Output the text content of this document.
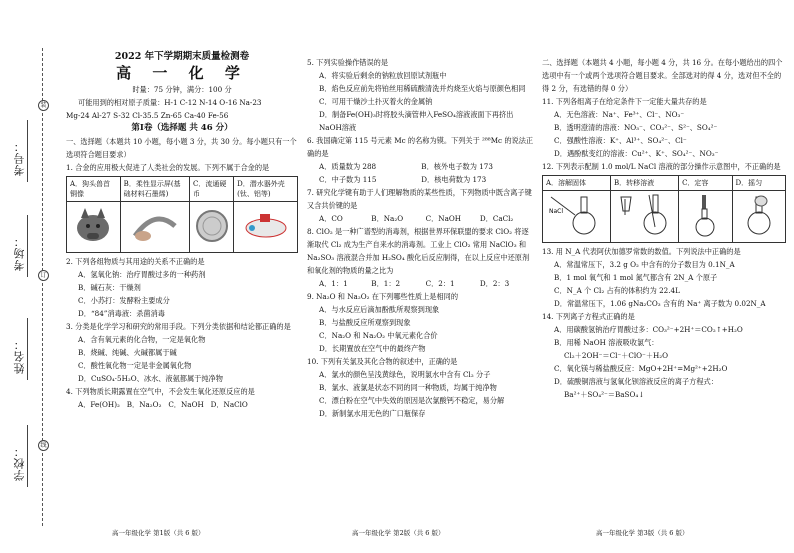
考号：
考场：
姓名：
学校：
装
订
线

2022 年下学期期末质量检测卷

高 一 化 学

时量：75 分钟，满分：100 分

可能用到的相对原子质量：H-1 C-12 N-14 O-16 Na-23

Mg-24 Al-27 S-32 Cl-35.5 Zn-65 Ca-40 Fe-56

第Ⅰ卷（选择题 共 46 分）

一、选择题（本题共 10 小题，每小题 3 分，共 30 分。每小题只有一个选项符合题目要求）

1. 合金的应用极大促进了人类社会的发展。下列不属于合金的是

A．狗头兽首铜像	B．柔性显示屏(基础材料石墨烯)	C．流通硬币	D．潜水器外壳(钛、铝等)

2. 下列各组物质与其用途的关系不正确的是

A．氢氧化钠：治疗胃酸过多的一种药剂

B．碱石灰：干燥剂

C．小苏打：发酵粉主要成分

D．“84”消毒液：杀菌消毒

3. 分类是化学学习和研究的常用手段。下列分类依据和结论都正确的是

A．含有氧元素的化合物，一定是氧化物

B．烧碱、纯碱、火碱都属于碱

C．酸性氧化物一定是非金属氧化物

D．CuSO₄·5H₂O、冰水、液氨都属于纯净物

4. 下列物质长期露置在空气中，不会发生氧化还原反应的是

A．Fe(OH)₂ B．Na₂O₂ C．NaOH D．NaClO

5. 下列实验操作错误的是

A．将实验后剩余的钠粒放回原试剂瓶中

B．焰色反应前先将铂丝用稀硫酸清洗并灼烧至火焰与原颜色相同

C．可用干燥沙土扑灭着火的金属钠

D．制备Fe(OH)₃时将胶头滴管伸入FeSO₄溶液液面下再挤出NaOH溶液

6. 我国确定第 115 号元素 Mc 的名称为镆。下列关于 ²⁸⁸Mc 的说法正确的是

A．质量数为 288	B．核外电子数为 173

C．中子数为 115	D．核电荷数为 173

7. 研究化学键有助于人们理解物质的某些性质，下列物质中既含离子键又含共价键的是

A．CO	B．Na₂O	C．NaOH	D．CaCl₂

8. ClO₂ 是一种广谱型的消毒剂，根据世界环保联盟的要求 ClO₂ 将逐渐取代 Cl₂ 成为生产自来水的消毒剂。工业上 ClO₂ 常用 NaClO₃ 和 Na₂SO₃ 溶液混合并加 H₂SO₄ 酸化后反应制得，在以上反应中还原剂和氧化剂的物质的量之比为

A．1：1	B．1：2	C．2：1	D．2：3

9. Na₂O 和 Na₂O₂ 在下列哪些性质上是相同的

A．与水反应后滴加酚酞所观察到现象

B．与盐酸反应所观察到现象

C．Na₂O 和 Na₂O₂ 中氧元素化合价

D．长期置放在空气中的最终产物

10. 下列有关氯及其化合物的叙述中，正确的是

A．氯水的颜色呈浅黄绿色，说明氯水中含有 Cl₂ 分子

B．氯水、液氯是状态不同的同一种物质，均属于纯净物

C．漂白粉在空气中失效的原因是次氯酸钙不稳定，易分解

D．新制氯水用无色的广口瓶保存

二、选择题（本题共 4 小题，每小题 4 分，共 16 分。在每小题给出的四个选项中有一个或两个选项符合题目要求。全部选对的得 4 分，选对但不全的得 2 分，有选错的得 0 分）

11. 下列各组离子在给定条件下一定能大量共存的是

A．无色溶液：Na⁺、Fe³⁺、Cl⁻、NO₃⁻

B．透明澄清的溶液：NO₃⁻、CO₃²⁻、S²⁻、SO₄²⁻

C．强酸性溶液：K⁺、Al³⁺、SO₄²⁻、Cl⁻

D．遇酚酞变红的溶液：Cu²⁺、K⁺、SO₄²⁻、NO₃⁻

12. 下列表示配制 1.0 mol/L NaCl 溶液的部分操作示意图中，不正确的是

A．溶解固体	B．转移溶液	C．定容	D．摇匀

NaCl

13. 用 N_A 代表阿伏加德罗常数的数值。下列说法中正确的是

A．常温常压下，3.2 g O₂ 中含有的分子数目为 0.1N_A

B．1 mol 氧气和 1 mol 氮气都含有 2N_A 个原子

C．N_A 个 Cl₂ 占有的体积约为 22.4L

D．常温常压下，1.06 gNa₂CO₃ 含有的 Na⁺ 离子数为 0.02N_A

14. 下列离子方程式正确的是

A．用碳酸氢钠治疗胃酸过多：CO₃²⁻+2H⁺＝CO₂↑+H₂O

B．用稀 NaOH 溶液吸收氯气：

Cl₂＋2OH⁻＝Cl⁻＋ClO⁻＋H₂O

C．氧化镁与稀盐酸反应：MgO+2H⁺=Mg²⁺+2H₂O

D．硫酸铜溶液与氢氧化钡溶液反应的离子方程式：

Ba²⁺＋SO₄²⁻＝BaSO₄↓

高一年级化学 第1版（共 6 版）	高一年级化学 第2版（共 6 版）	高一年级化学 第3版（共 6 版）
